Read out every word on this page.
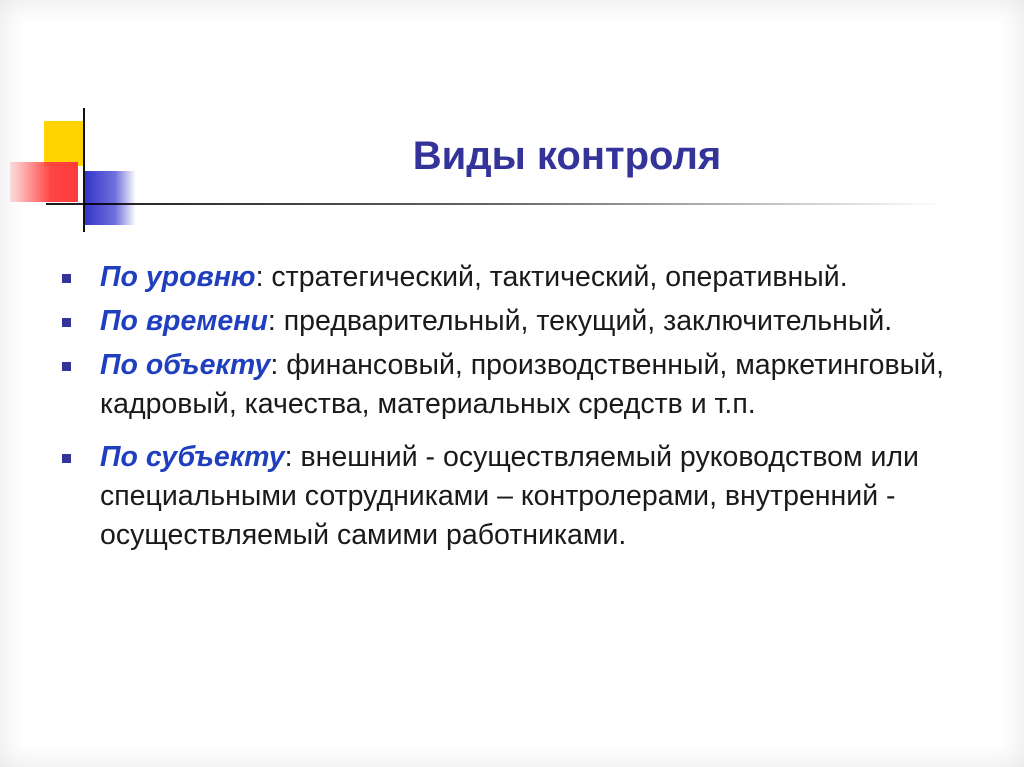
Виды контроля
По уровню: стратегический, тактический, оперативный.
По времени: предварительный, текущий, заключительный.
По объекту: финансовый, производственный, маркетинговый, кадровый, качества, материальных средств и т.п.
По субъекту: внешний - осуществляемый руководством или специальными сотрудниками – контролерами, внутренний - осуществляемый самими работниками.
